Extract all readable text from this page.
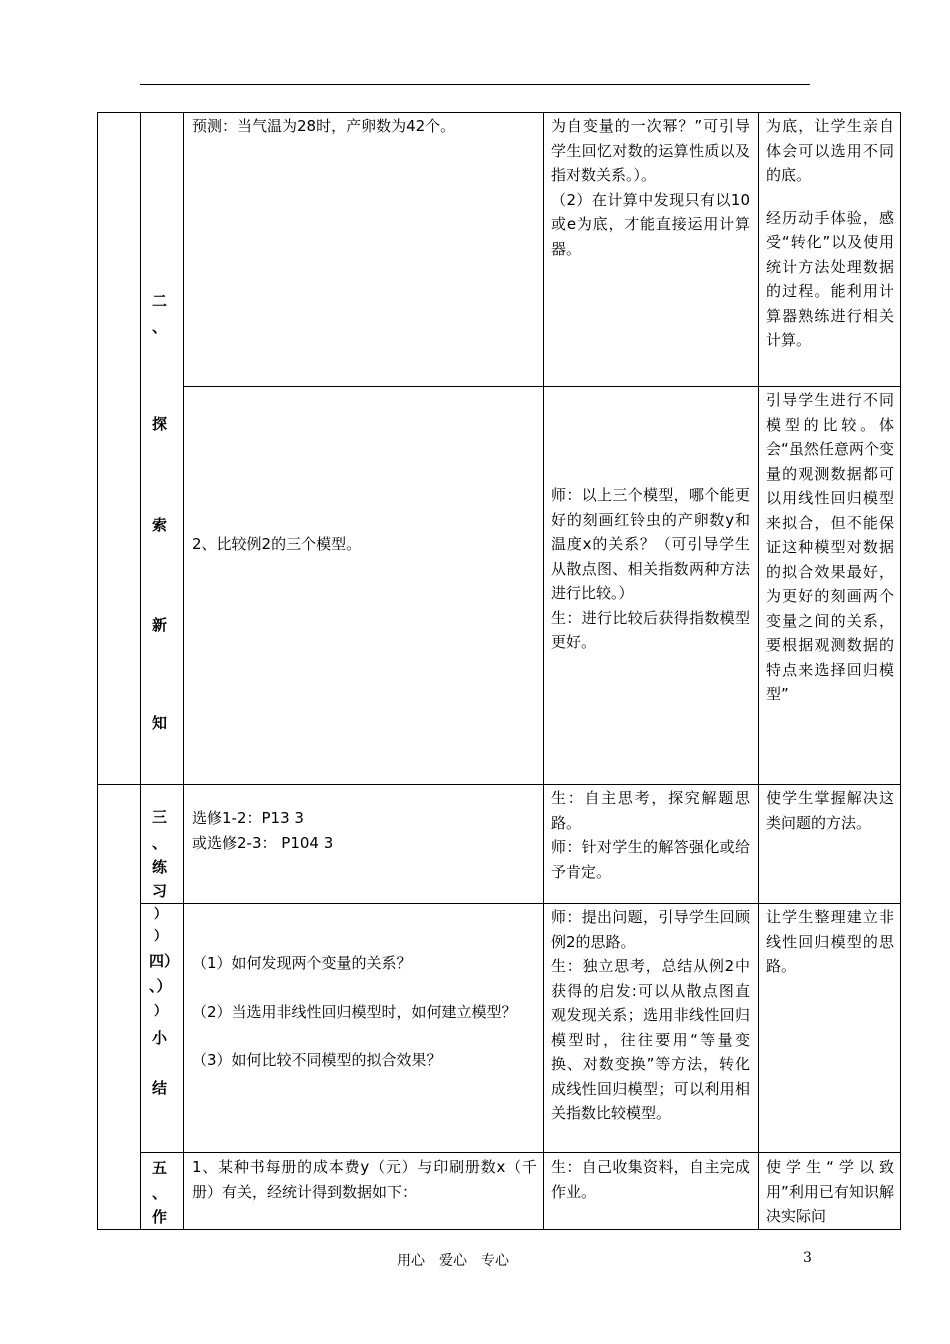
二
、
探
索
新
知

预测：当气温为28时，产卵数为42个。	为自变量的一次幂？”可引导学生回忆对数的运算性质以及指对数关系。）。

（2）在计算中发现只有以10或e为底，才能直接运用计算器。

为底，让学生亲自体会可以选用不同的底。

经历动手体验，感受“转化”以及使用统计方法处理数据的过程。能利用计算器熟练进行相关计算。

2、比较例2的三个模型。

师：以上三个模型，哪个能更好的刻画红铃虫的产卵数y和温度x的关系？（可引导学生从散点图、相关指数两种方法进行比较。）

生：进行比较后获得指数模型更好。

引导学生进行不同模型的比较。体会“虽然任意两个变量的观测数据都可以用线性回归模型来拟合，但不能保证这种模型对数据的拟合效果最好，为更好的刻画两个变量之间的关系，要根据观测数据的特点来选择回归模型”

三
、
练
习

选修1-2：P13 3

或选修2-3： P104 3

生：自主思考，探究解题思路。

师：针对学生的解答强化或给予肯定。

使学生掌握解决这类问题的方法。

）
）
四）
、）
）
小
结

（1）如何发现两个变量的关系？

（2）当选用非线性回归模型时，如何建立模型？

（3）如何比较不同模型的拟合效果？

师：提出问题，引导学生回顾例2的思路。

生：独立思考，总结从例2中获得的启发:可以从散点图直观发现关系；选用非线性回归模型时，往往要用“等量变换、对数变换”等方法，转化成线性回归模型；可以利用相关指数比较模型。

让学生整理建立非线性回归模型的思路。

五
、
作

1、某种书每册的成本费y（元）与印刷册数x（千册）有关，经统计得到数据如下：

生：自己收集资料，自主完成作业。

使学生“学以致用”利用已有知识解决实际问

用心　爱心　专心	3
